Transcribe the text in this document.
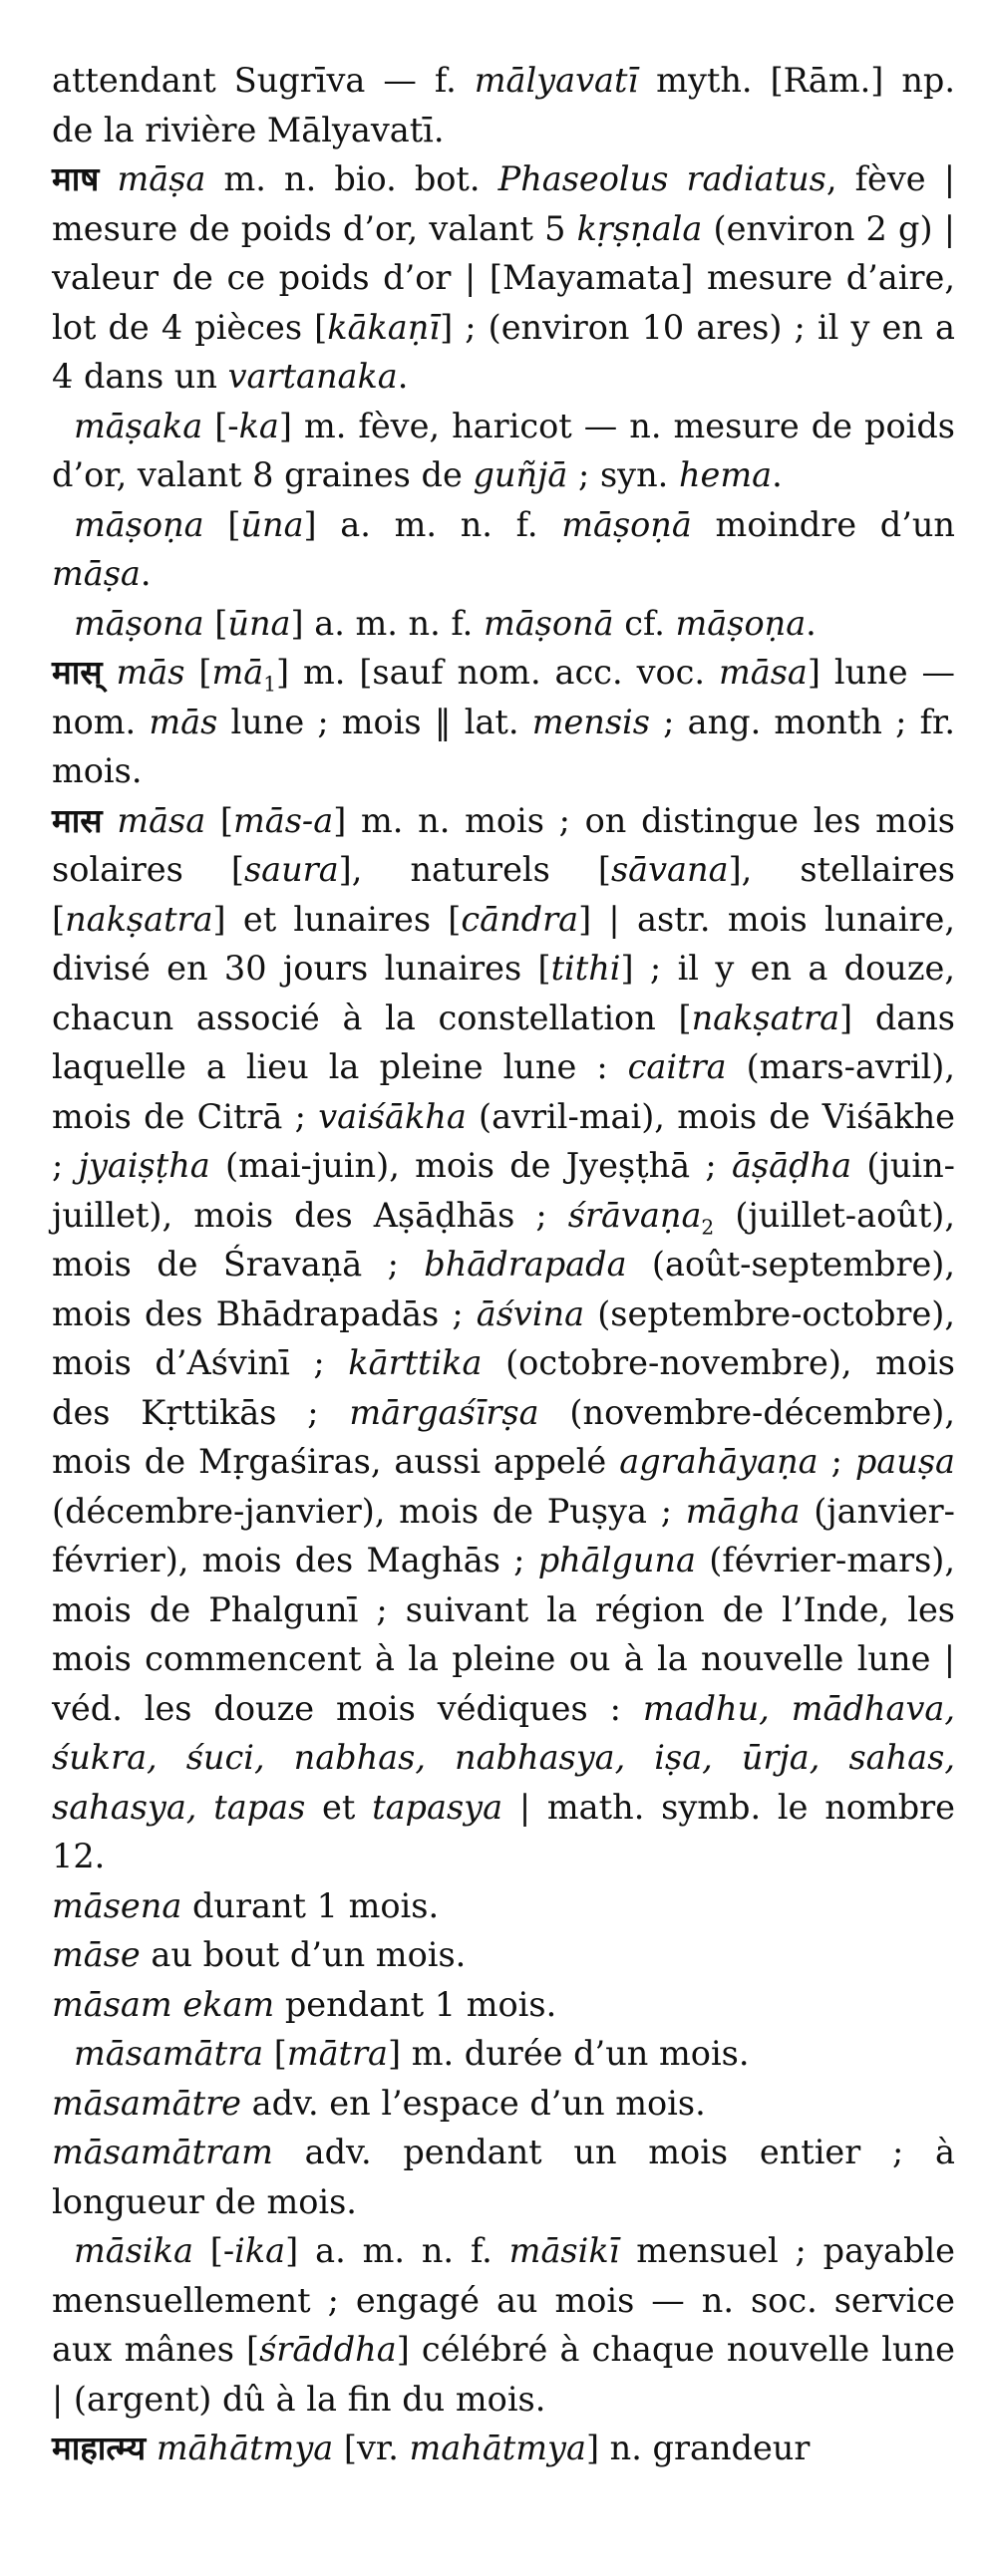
attendant Sugrīva — f. mālyavatī myth. [Rām.] np. de la rivière Mālyavatī.

माष māṣa m. n. bio. bot. Phaseolus radiatus, fève | mesure de poids d’or, valant 5 kṛṣṇala (environ 2 g) | valeur de ce poids d’or | [Mayamata] mesure d’aire, lot de 4 pièces [kākaṇī] ; (environ 10 ares) ; il y en a 4 dans un vartanaka.

māṣaka [-ka] m. fève, haricot — n. mesure de poids d’or, valant 8 graines de guñjā ; syn. hema.

māṣoṇa [ūna] a. m. n. f. māṣoṇā moindre d’un māṣa.

māṣona [ūna] a. m. n. f. māṣonā cf. māṣoṇa.

मास् mās $[mā_1]$ m. [sauf nom. acc. voc. māsa] lune — nom. mās lune ; mois ‖ lat. mensis ; ang. month ; fr. mois.

मास māsa [mās-a] m. n. mois ; on distingue les mois solaires [saura], naturels [sāvana], stellaires [nakṣatra] et lunaires [cāndra] | astr. mois lunaire, divisé en 30 jours lunaires [tithi] ; il y en a douze, chacun associé à la constellation [nakṣatra] dans laquelle a lieu la pleine lune : caitra (mars-avril), mois de Citrā ; vaiśākha (avril-mai), mois de Viśākhe ; jyaiṣṭha (mai-juin), mois de Jyeṣṭhā ; āṣāḍha (juin-juillet), mois des Aṣāḍhās ; śrāvaṇa$_2$ (juillet-août), mois de Śravaṇā ; bhādrapada (août-septembre), mois des Bhādrapadās ; āśvina (septembre-octobre), mois d’Aśvinī ; kārttika (octobre-novembre), mois des Kṛttikās ; mārgaśīrṣa (novembre-décembre), mois de Mṛgaśiras, aussi appelé agrahāyaṇa ; pauṣa (décembre-janvier), mois de Puṣya ; māgha (janvier-février), mois des Maghās ; phālguna (février-mars), mois de Phalgunī ; suivant la région de l’Inde, les mois commencent à la pleine ou à la nouvelle lune | véd. les douze mois védiques : madhu, mādhava, śukra, śuci, nabhas, nabhasya, iṣa, ūrja, sahas, sahasya, tapas et tapasya | math. symb. le nombre 12.

māsena durant 1 mois.

māse au bout d’un mois.

māsam ekam pendant 1 mois.

māsamātra [mātra] m. durée d’un mois.

māsamātre adv. en l’espace d’un mois.

māsamātram adv. pendant un mois entier ; à longueur de mois.

māsika [-ika] a. m. n. f. māsikī mensuel ; payable mensuellement ; engagé au mois — n. soc. service aux mânes [śrāddha] célébré à chaque nouvelle lune | (argent) dû à la fin du mois.

माहात्म्य māhātmya [vr. mahātmya] n. grandeur
